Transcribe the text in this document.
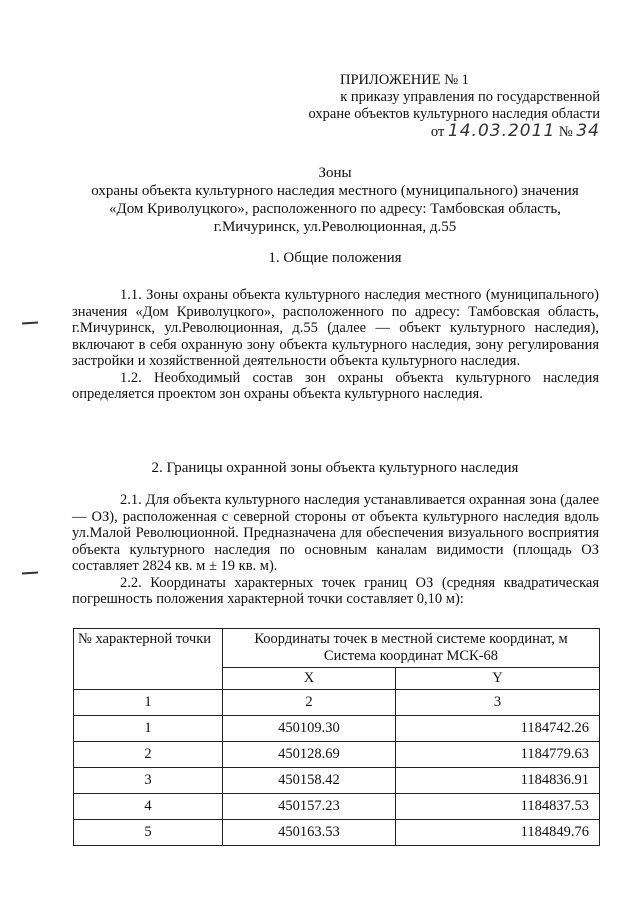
ПРИЛОЖЕНИЕ № 1
к приказу управления по государственной
охране объектов культурного наследия области
от 14.03.2011 № 34
Зоны
охраны объекта культурного наследия местного (муниципального) значения
«Дом Криволуцкого», расположенного по адресу: Тамбовская область,
г.Мичуринск, ул.Революционная, д.55
1. Общие положения

1.1. Зоны охраны объекта культурного наследия местного (муниципального) значения «Дом Криволуцкого», расположенного по адресу: Тамбовская область, г.Мичуринск, ул.Революционная, д.55 (далее — объект культурного наследия), включают в себя охранную зону объекта культурного наследия, зону регулирования застройки и хозяйственной деятельности объекта культурного наследия.

1.2. Необходимый состав зон охраны объекта культурного наследия определяется проектом зон охраны объекта культурного наследия.

2. Границы охранной зоны объекта культурного наследия

2.1. Для объекта культурного наследия устанавливается охранная зона (далее — ОЗ), расположенная с северной стороны от объекта культурного наследия вдоль ул.Малой Революционной. Предназначена для обеспечения визуального восприятия объекта культурного наследия по основным каналам видимости (площадь ОЗ составляет 2824 кв. м ± 19 кв. м).

2.2. Координаты характерных точек границ ОЗ (средняя квадратическая погрешность положения характерной точки составляет 0,10 м):

№ характерной точки	Координаты точек в местной системе координат, м
Система координат МСК-68	

	X	Y
1	2	3
1	450109.30	1184742.26
2	450128.69	1184779.63
3	450158.42	1184836.91
4	450157.23	1184837.53
5	450163.53	1184849.76
